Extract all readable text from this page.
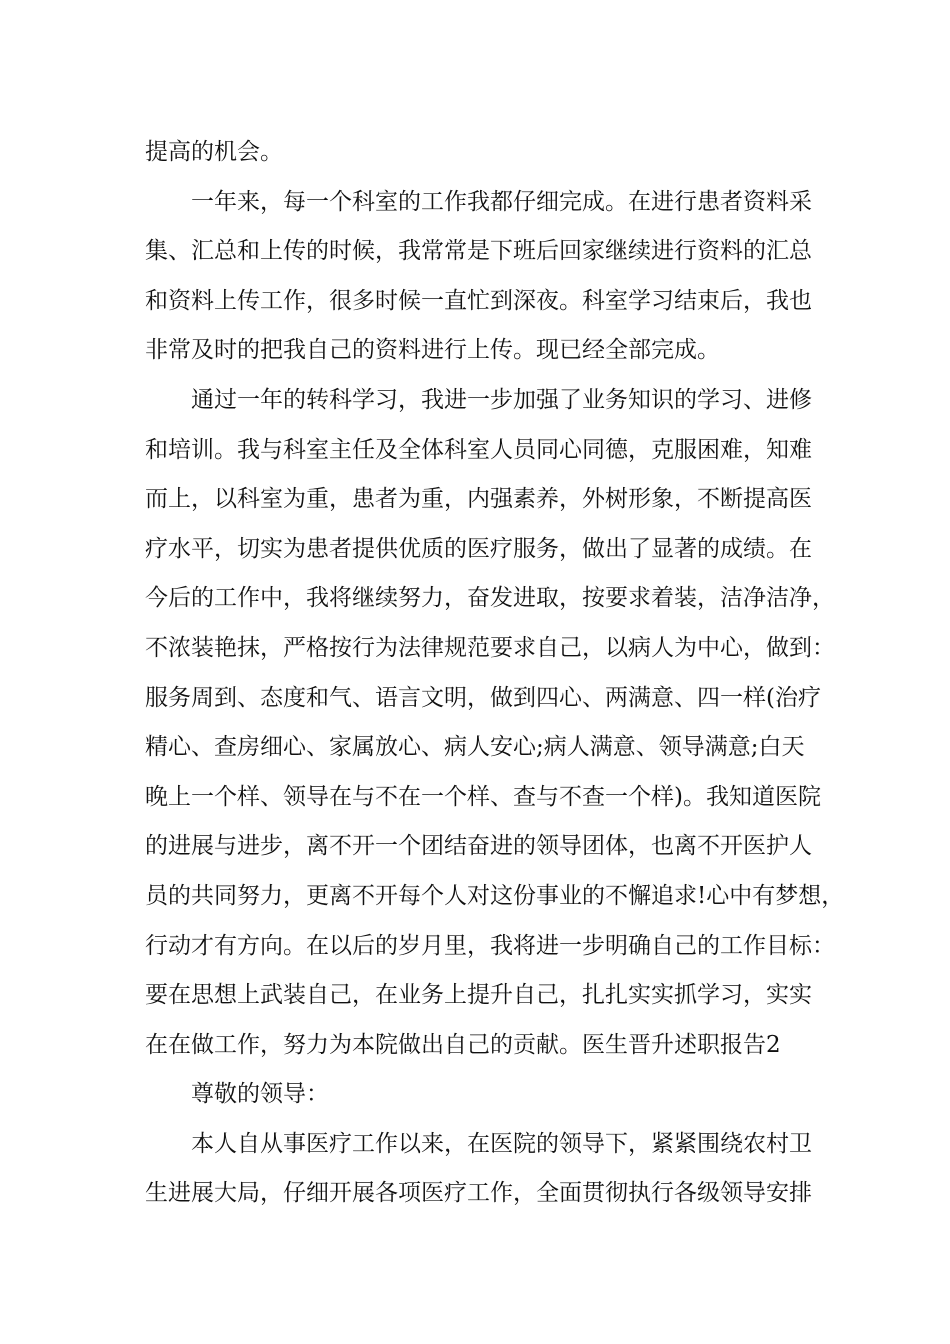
提高的机会。
一年来，每一个科室的工作我都仔细完成。在进行患者资料采
集、汇总和上传的时候，我常常是下班后回家继续进行资料的汇总
和资料上传工作，很多时候一直忙到深夜。科室学习结束后，我也
非常及时的把我自己的资料进行上传。现已经全部完成。
通过一年的转科学习，我进一步加强了业务知识的学习、进修
和培训。我与科室主任及全体科室人员同心同德，克服困难，知难
而上，以科室为重，患者为重，内强素养，外树形象，不断提高医
疗水平，切实为患者提供优质的医疗服务，做出了显著的成绩。在
今后的工作中，我将继续努力，奋发进取，按要求着装，洁净洁净，
不浓装艳抹，严格按行为法律规范要求自己，以病人为中心，做到：
服务周到、态度和气、语言文明，做到四心、两满意、四一样(治疗
精心、查房细心、家属放心、病人安心;病人满意、领导满意;白天
晚上一个样、领导在与不在一个样、查与不查一个样)。我知道医院
的进展与进步，离不开一个团结奋进的领导团体，也离不开医护人
员的共同努力，更离不开每个人对这份事业的不懈追求!心中有梦想，
行动才有方向。在以后的岁月里，我将进一步明确自己的工作目标：
要在思想上武装自己，在业务上提升自己，扎扎实实抓学习，实实
在在做工作，努力为本院做出自己的贡献。医生晋升述职报告2
尊敬的领导：
本人自从事医疗工作以来，在医院的领导下，紧紧围绕农村卫
生进展大局，仔细开展各项医疗工作，全面贯彻执行各级领导安排
